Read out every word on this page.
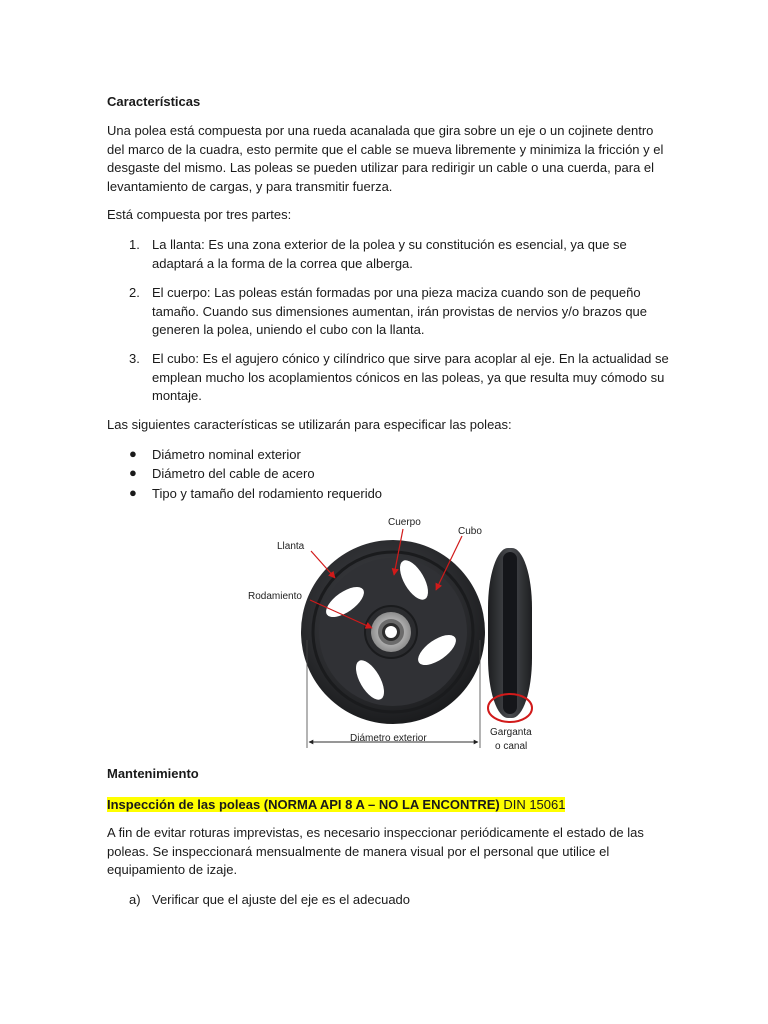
Características
Una polea está compuesta por una rueda acanalada que gira sobre un eje o un cojinete dentro del marco de la cuadra, esto permite que el cable se mueva libremente y minimiza la fricción y el desgaste del mismo. Las poleas se pueden utilizar para redirigir un cable o una cuerda, para el levantamiento de cargas, y para transmitir fuerza.
Está compuesta por tres partes:
1. La llanta: Es una zona exterior de la polea y su constitución es esencial, ya que se adaptará a la forma de la correa que alberga.
2. El cuerpo: Las poleas están formadas por una pieza maciza cuando son de pequeño tamaño. Cuando sus dimensiones aumentan, irán provistas de nervios y/o brazos que generen la polea, uniendo el cubo con la llanta.
3. El cubo: Es el agujero cónico y cilíndrico que sirve para acoplar al eje. En la actualidad se emplean mucho los acoplamientos cónicos en las poleas, ya que resulta muy cómodo su montaje.
Las siguientes características se utilizarán para especificar las poleas:
●	Diámetro nominal exterior
●	Diámetro del cable de acero
●	Tipo y tamaño del rodamiento requerido
Cuerpo
Cubo
Llanta
Rodamiento
Diámetro exterior
Garganta
o canal
Mantenimiento
Inspección de las poleas (NORMA API 8 A – NO LA ENCONTRE) DIN 15061
A fin de evitar roturas imprevistas, es necesario inspeccionar periódicamente el estado de las poleas. Se inspeccionará mensualmente de manera visual por el personal que utilice el equipamiento de izaje.
a) Verificar que el ajuste del eje es el adecuado
